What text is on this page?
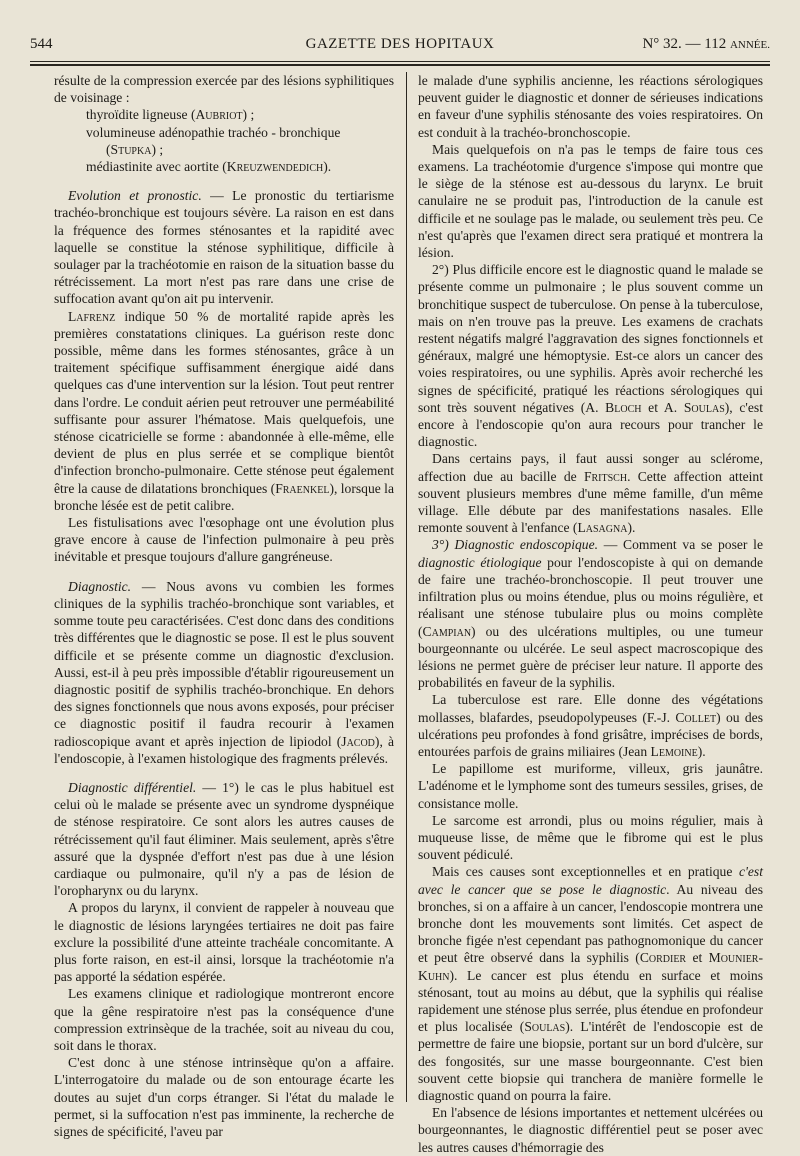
544	GAZETTE DES HOPITAUX	N° 32. — 112 ANNÉE.

résulte de la compression exercée par des lésions syphilitiques de voisinage :

thyroïdite ligneuse (Aubriot) ;

volumineuse adénopathie trachéo - bronchique

(Stupka) ;

médiastinite avec aortite (Kreuzwendedich).

Evolution et pronostic. — Le pronostic du tertiarisme trachéo-bronchique est toujours sévère. La raison en est dans la fréquence des formes sténosantes et la rapidité avec laquelle se constitue la sténose syphilitique, difficile à soulager par la trachéotomie en raison de la situation basse du rétrécissement. La mort n'est pas rare dans une crise de suffocation avant qu'on ait pu intervenir.

Lafrenz indique 50 % de mortalité rapide après les premières constatations cliniques. La guérison reste donc possible, même dans les formes sténosantes, grâce à un traitement spécifique suffisamment énergique aidé dans quelques cas d'une intervention sur la lésion. Tout peut rentrer dans l'ordre. Le conduit aérien peut retrouver une perméabilité suffisante pour assurer l'hématose. Mais quelquefois, une sténose cicatricielle se forme : abandonnée à elle-même, elle devient de plus en plus serrée et se complique bientôt d'infection broncho-pulmonaire. Cette sténose peut également être la cause de dilatations bronchiques (Fraenkel), lorsque la bronche lésée est de petit calibre.

Les fistulisations avec l'œsophage ont une évolution plus grave encore à cause de l'infection pulmonaire à peu près inévitable et presque toujours d'allure gangréneuse.

Diagnostic. — Nous avons vu combien les formes cliniques de la syphilis trachéo-bronchique sont variables, et somme toute peu caractérisées. C'est donc dans des conditions très différentes que le diagnostic se pose. Il est le plus souvent difficile et se présente comme un diagnostic d'exclusion. Aussi, est-il à peu près impossible d'établir rigoureusement un diagnostic positif de syphilis trachéo-bronchique. En dehors des signes fonctionnels que nous avons exposés, pour préciser ce diagnostic positif il faudra recourir à l'examen radioscopique avant et après injection de lipiodol (Jacod), à l'endoscopie, à l'examen histologique des fragments prélevés.

Diagnostic différentiel. — 1°) le cas le plus habituel est celui où le malade se présente avec un syndrome dyspnéique de sténose respiratoire. Ce sont alors les autres causes de rétrécissement qu'il faut éliminer. Mais seulement, après s'être assuré que la dyspnée d'effort n'est pas due à une lésion cardiaque ou pulmonaire, qu'il n'y a pas de lésion de l'oropharynx ou du larynx.

A propos du larynx, il convient de rappeler à nouveau que le diagnostic de lésions laryngées tertiaires ne doit pas faire exclure la possibilité d'une atteinte trachéale concomitante. A plus forte raison, en est-il ainsi, lorsque la trachéotomie n'a pas apporté la sédation espérée.

Les examens clinique et radiologique montreront encore que la gêne respiratoire n'est pas la conséquence d'une compression extrinsèque de la trachée, soit au niveau du cou, soit dans le thorax.

C'est donc à une sténose intrinsèque qu'on a affaire. L'interrogatoire du malade ou de son entourage écarte les doutes au sujet d'un corps étranger. Si l'état du malade le permet, si la suffocation n'est pas imminente, la recherche de signes de spécificité, l'aveu par

le malade d'une syphilis ancienne, les réactions sérologiques peuvent guider le diagnostic et donner de sérieuses indications en faveur d'une syphilis sténosante des voies respiratoires. On est conduit à la trachéo-bronchoscopie.

Mais quelquefois on n'a pas le temps de faire tous ces examens. La trachéotomie d'urgence s'impose qui montre que le siège de la sténose est au-dessous du larynx. Le bruit canulaire ne se produit pas, l'introduction de la canule est difficile et ne soulage pas le malade, ou seulement très peu. Ce n'est qu'après que l'examen direct sera pratiqué et montrera la lésion.

2°) Plus difficile encore est le diagnostic quand le malade se présente comme un pulmonaire ; le plus souvent comme un bronchitique suspect de tuberculose. On pense à la tuberculose, mais on n'en trouve pas la preuve. Les examens de crachats restent négatifs malgré l'aggravation des signes fonctionnels et généraux, malgré une hémoptysie. Est-ce alors un cancer des voies respiratoires, ou une syphilis. Après avoir recherché les signes de spécificité, pratiqué les réactions sérologiques qui sont très souvent négatives (A. Bloch et A. Soulas), c'est encore à l'endoscopie qu'on aura recours pour trancher le diagnostic.

Dans certains pays, il faut aussi songer au sclérome, affection due au bacille de Fritsch. Cette affection atteint souvent plusieurs membres d'une même famille, d'un même village. Elle débute par des manifestations nasales. Elle remonte souvent à l'enfance (Lasagna).

3°) Diagnostic endoscopique. — Comment va se poser le diagnostic étiologique pour l'endoscopiste à qui on demande de faire une trachéo-bronchoscopie. Il peut trouver une infiltration plus ou moins étendue, plus ou moins régulière, et réalisant une sténose tubulaire plus ou moins complète (Campian) ou des ulcérations multiples, ou une tumeur bourgeonnante ou ulcérée. Le seul aspect macroscopique des lésions ne permet guère de préciser leur nature. Il apporte des probabilités en faveur de la syphilis.

La tuberculose est rare. Elle donne des végétations mollasses, blafardes, pseudopolypeuses (F.-J. Collet) ou des ulcérations peu profondes à fond grisâtre, imprécises de bords, entourées parfois de grains miliaires (Jean Lemoine).

Le papillome est muriforme, villeux, gris jaunâtre. L'adénome et le lymphome sont des tumeurs sessiles, grises, de consistance molle.

Le sarcome est arrondi, plus ou moins régulier, mais à muqueuse lisse, de même que le fibrome qui est le plus souvent pédiculé.

Mais ces causes sont exceptionnelles et en pratique c'est avec le cancer que se pose le diagnostic. Au niveau des bronches, si on a affaire à un cancer, l'endoscopie montrera une bronche dont les mouvements sont limités. Cet aspect de bronche figée n'est cependant pas pathognomonique du cancer et peut être observé dans la syphilis (Cordier et Mounier-Kuhn). Le cancer est plus étendu en surface et moins sténosant, tout au moins au début, que la syphilis qui réalise rapidement une sténose plus serrée, plus étendue en profondeur et plus localisée (Soulas). L'intérêt de l'endoscopie est de permettre de faire une biopsie, portant sur un bord d'ulcère, sur des fongosités, sur une masse bourgeonnante. C'est bien souvent cette biopsie qui tranchera de manière formelle le diagnostic quand on pourra la faire.

En l'absence de lésions importantes et nettement ulcérées ou bourgeonnantes, le diagnostic différentiel peut se poser avec les autres causes d'hémorragie des
